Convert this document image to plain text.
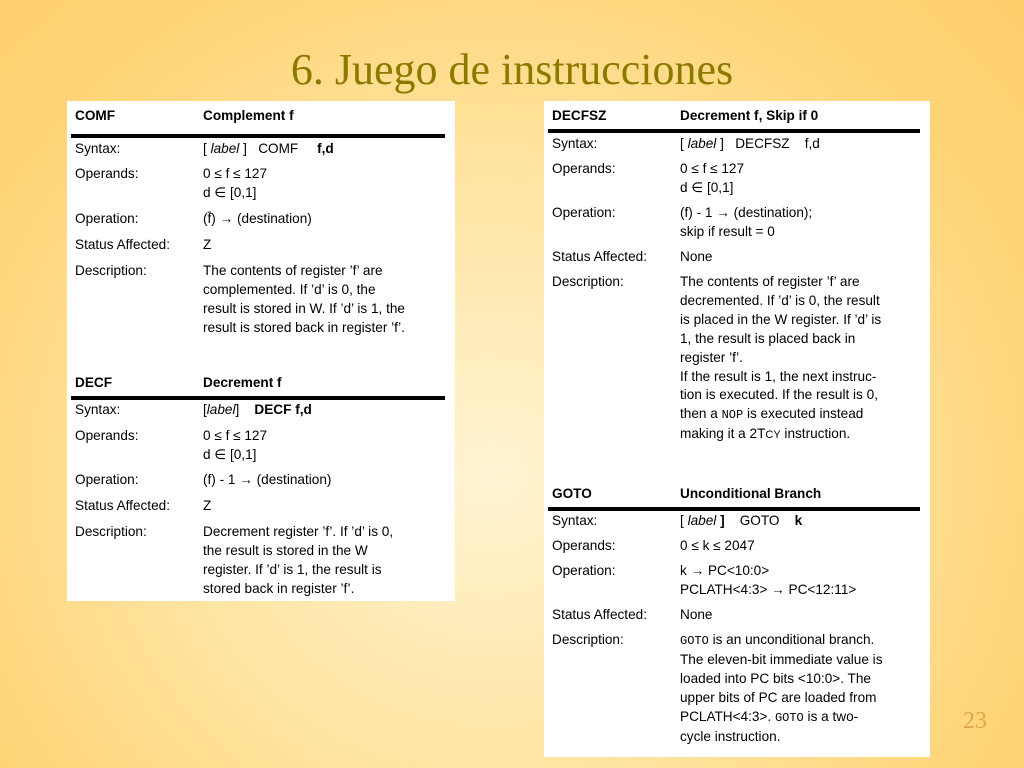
6. Juego de instrucciones
COMF	Complement f
Syntax:	[ label ] COMF f,d
Operands:	0 ≤ f ≤ 127
d ∈ [0,1]
Operation:	(f̄) → (destination)
Status Affected: Z
Description:	The contents of register ’f’ are
complemented. If ’d’ is 0, the
result is stored in W. If ’d’ is 1, the
result is stored back in register ’f’.
DECF	Decrement f
Syntax:	[label] DECF f,d
Operands:	0 ≤ f ≤ 127
d ∈ [0,1]
Operation:	(f) - 1 → (destination)
Status Affected: Z
Description:	Decrement register ’f’. If ’d’ is 0,
the result is stored in the W
register. If ’d’ is 1, the result is
stored back in register ’f’.
DECFSZ	Decrement f, Skip if 0
Syntax:	[ label ] DECFSZ f,d
Operands:	0 ≤ f ≤ 127
d ∈ [0,1]
Operation:	(f) - 1 → (destination);
skip if result = 0
Status Affected: None
Description:	The contents of register ’f’ are
decremented. If ’d’ is 0, the result
is placed in the W register. If ’d’ is
1, the result is placed back in
register ’f’.
If the result is 1, the next instruc-
tion is executed. If the result is 0,
then a NOP is executed instead
making it a 2TCY instruction.
GOTO	Unconditional Branch
Syntax:	[ label ] GOTO k
Operands:	0 ≤ k ≤ 2047
Operation:	k → PC<10:0>
PCLATH<4:3> → PC<12:11>
Status Affected: None
Description:	GOTO is an unconditional branch.
The eleven-bit immediate value is
loaded into PC bits <10:0>. The
upper bits of PC are loaded from
PCLATH<4:3>. GOTO is a two-
cycle instruction.
23
